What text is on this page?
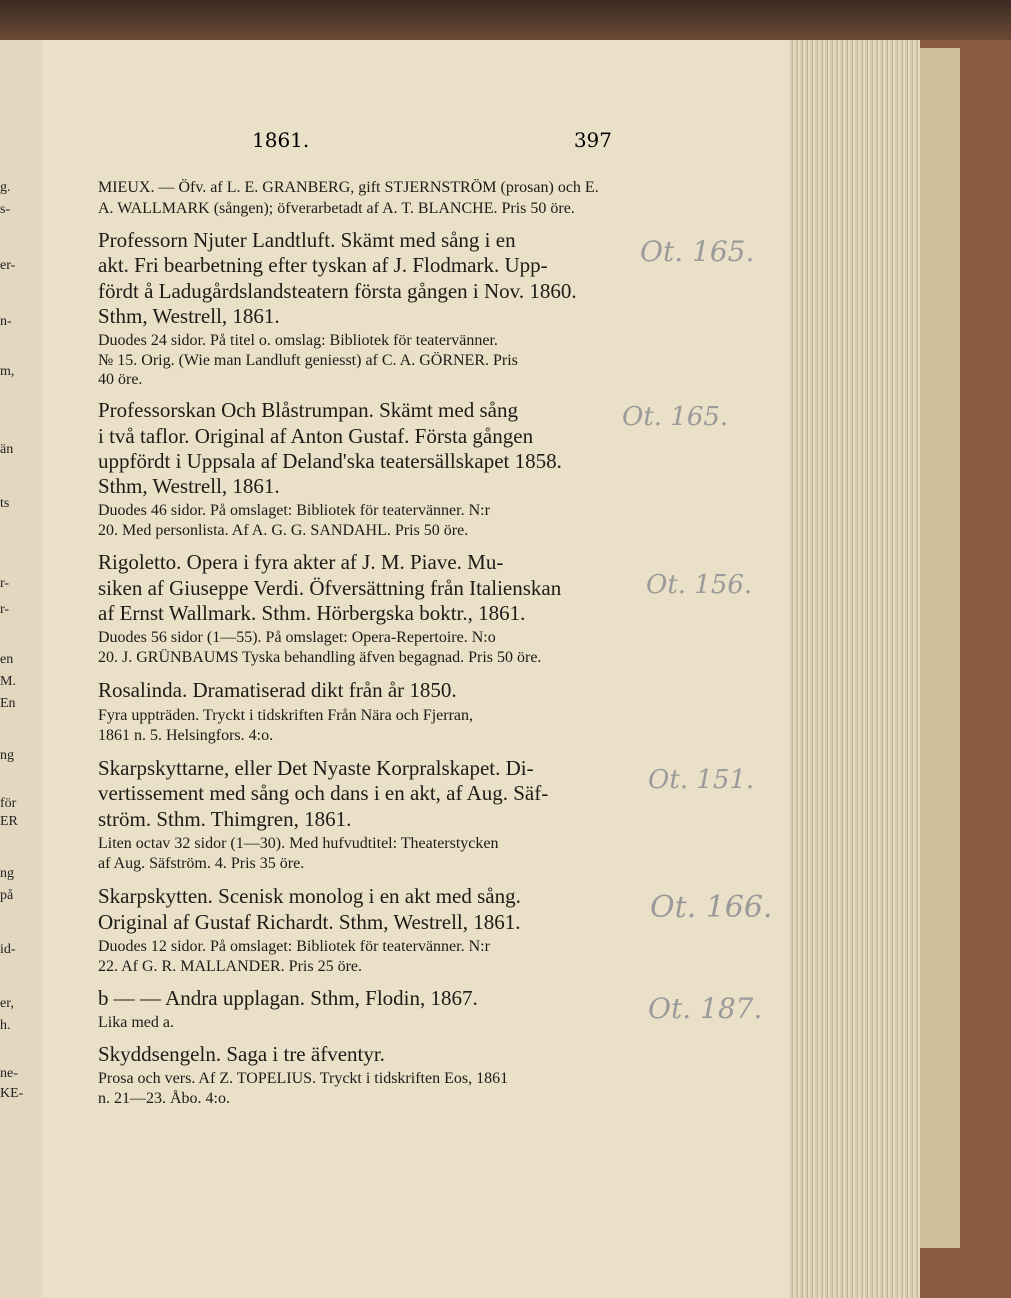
g.
s-
er-
n-
m,
än
ts
r-
r-
en
M.
En
ng
för
ER
ng
på
id-
er,
h.
ne-
KE-
1861.	397
MIEUX. — Öfv. af L. E. GRANBERG, gift STJERNSTRÖM (prosan) och E.
A. WALLMARK (sången); öfverarbetadt af A. T. BLANCHE. Pris 50 öre.
Professorn Njuter Landtluft. Skämt med sång i en
akt. Fri bearbetning efter tyskan af J. Flodmark. Upp-
fördt å Ladugårdslandsteatern första gången i Nov. 1860.
Sthm, Westrell, 1861.
Duodes 24 sidor. På titel o. omslag: Bibliotek för teatervänner.
№ 15. Orig. (Wie man Landluft geniesst) af C. A. GÖRNER. Pris
40 öre.
Professorskan Och Blåstrumpan. Skämt med sång
i två taflor. Original af Anton Gustaf. Första gången
uppfördt i Uppsala af Deland'ska teatersällskapet 1858.
Sthm, Westrell, 1861.
Duodes 46 sidor. På omslaget: Bibliotek för teatervänner. N:r
20. Med personlista. Af A. G. G. SANDAHL. Pris 50 öre.
Rigoletto. Opera i fyra akter af J. M. Piave. Mu-
siken af Giuseppe Verdi. Öfversättning från Italienskan
af Ernst Wallmark. Sthm. Hörbergska boktr., 1861.
Duodes 56 sidor (1—55). På omslaget: Opera-Repertoire. N:o
20. J. GRÜNBAUMS Tyska behandling äfven begagnad. Pris 50 öre.
Rosalinda. Dramatiserad dikt från år 1850.
Fyra uppträden. Tryckt i tidskriften Från Nära och Fjerran,
1861 n. 5. Helsingfors. 4:o.
Skarpskyttarne, eller Det Nyaste Korpralskapet. Di-
vertissement med sång och dans i en akt, af Aug. Säf-
ström. Sthm. Thimgren, 1861.
Liten octav 32 sidor (1—30). Med hufvudtitel: Theaterstycken
af Aug. Säfström. 4. Pris 35 öre.
Skarpskytten. Scenisk monolog i en akt med sång.
Original af Gustaf Richardt. Sthm, Westrell, 1861.
Duodes 12 sidor. På omslaget: Bibliotek för teatervänner. N:r
22. Af G. R. MALLANDER. Pris 25 öre.
b — — Andra upplagan. Sthm, Flodin, 1867.
Lika med a.
Skyddsengeln. Saga i tre äfventyr.
Prosa och vers. Af Z. TOPELIUS. Tryckt i tidskriften Eos, 1861
n. 21—23. Åbo. 4:o.
Ot. 165.
Ot. 165.
Ot. 156.
Ot. 151.
Ot. 166.
Ot. 187.
